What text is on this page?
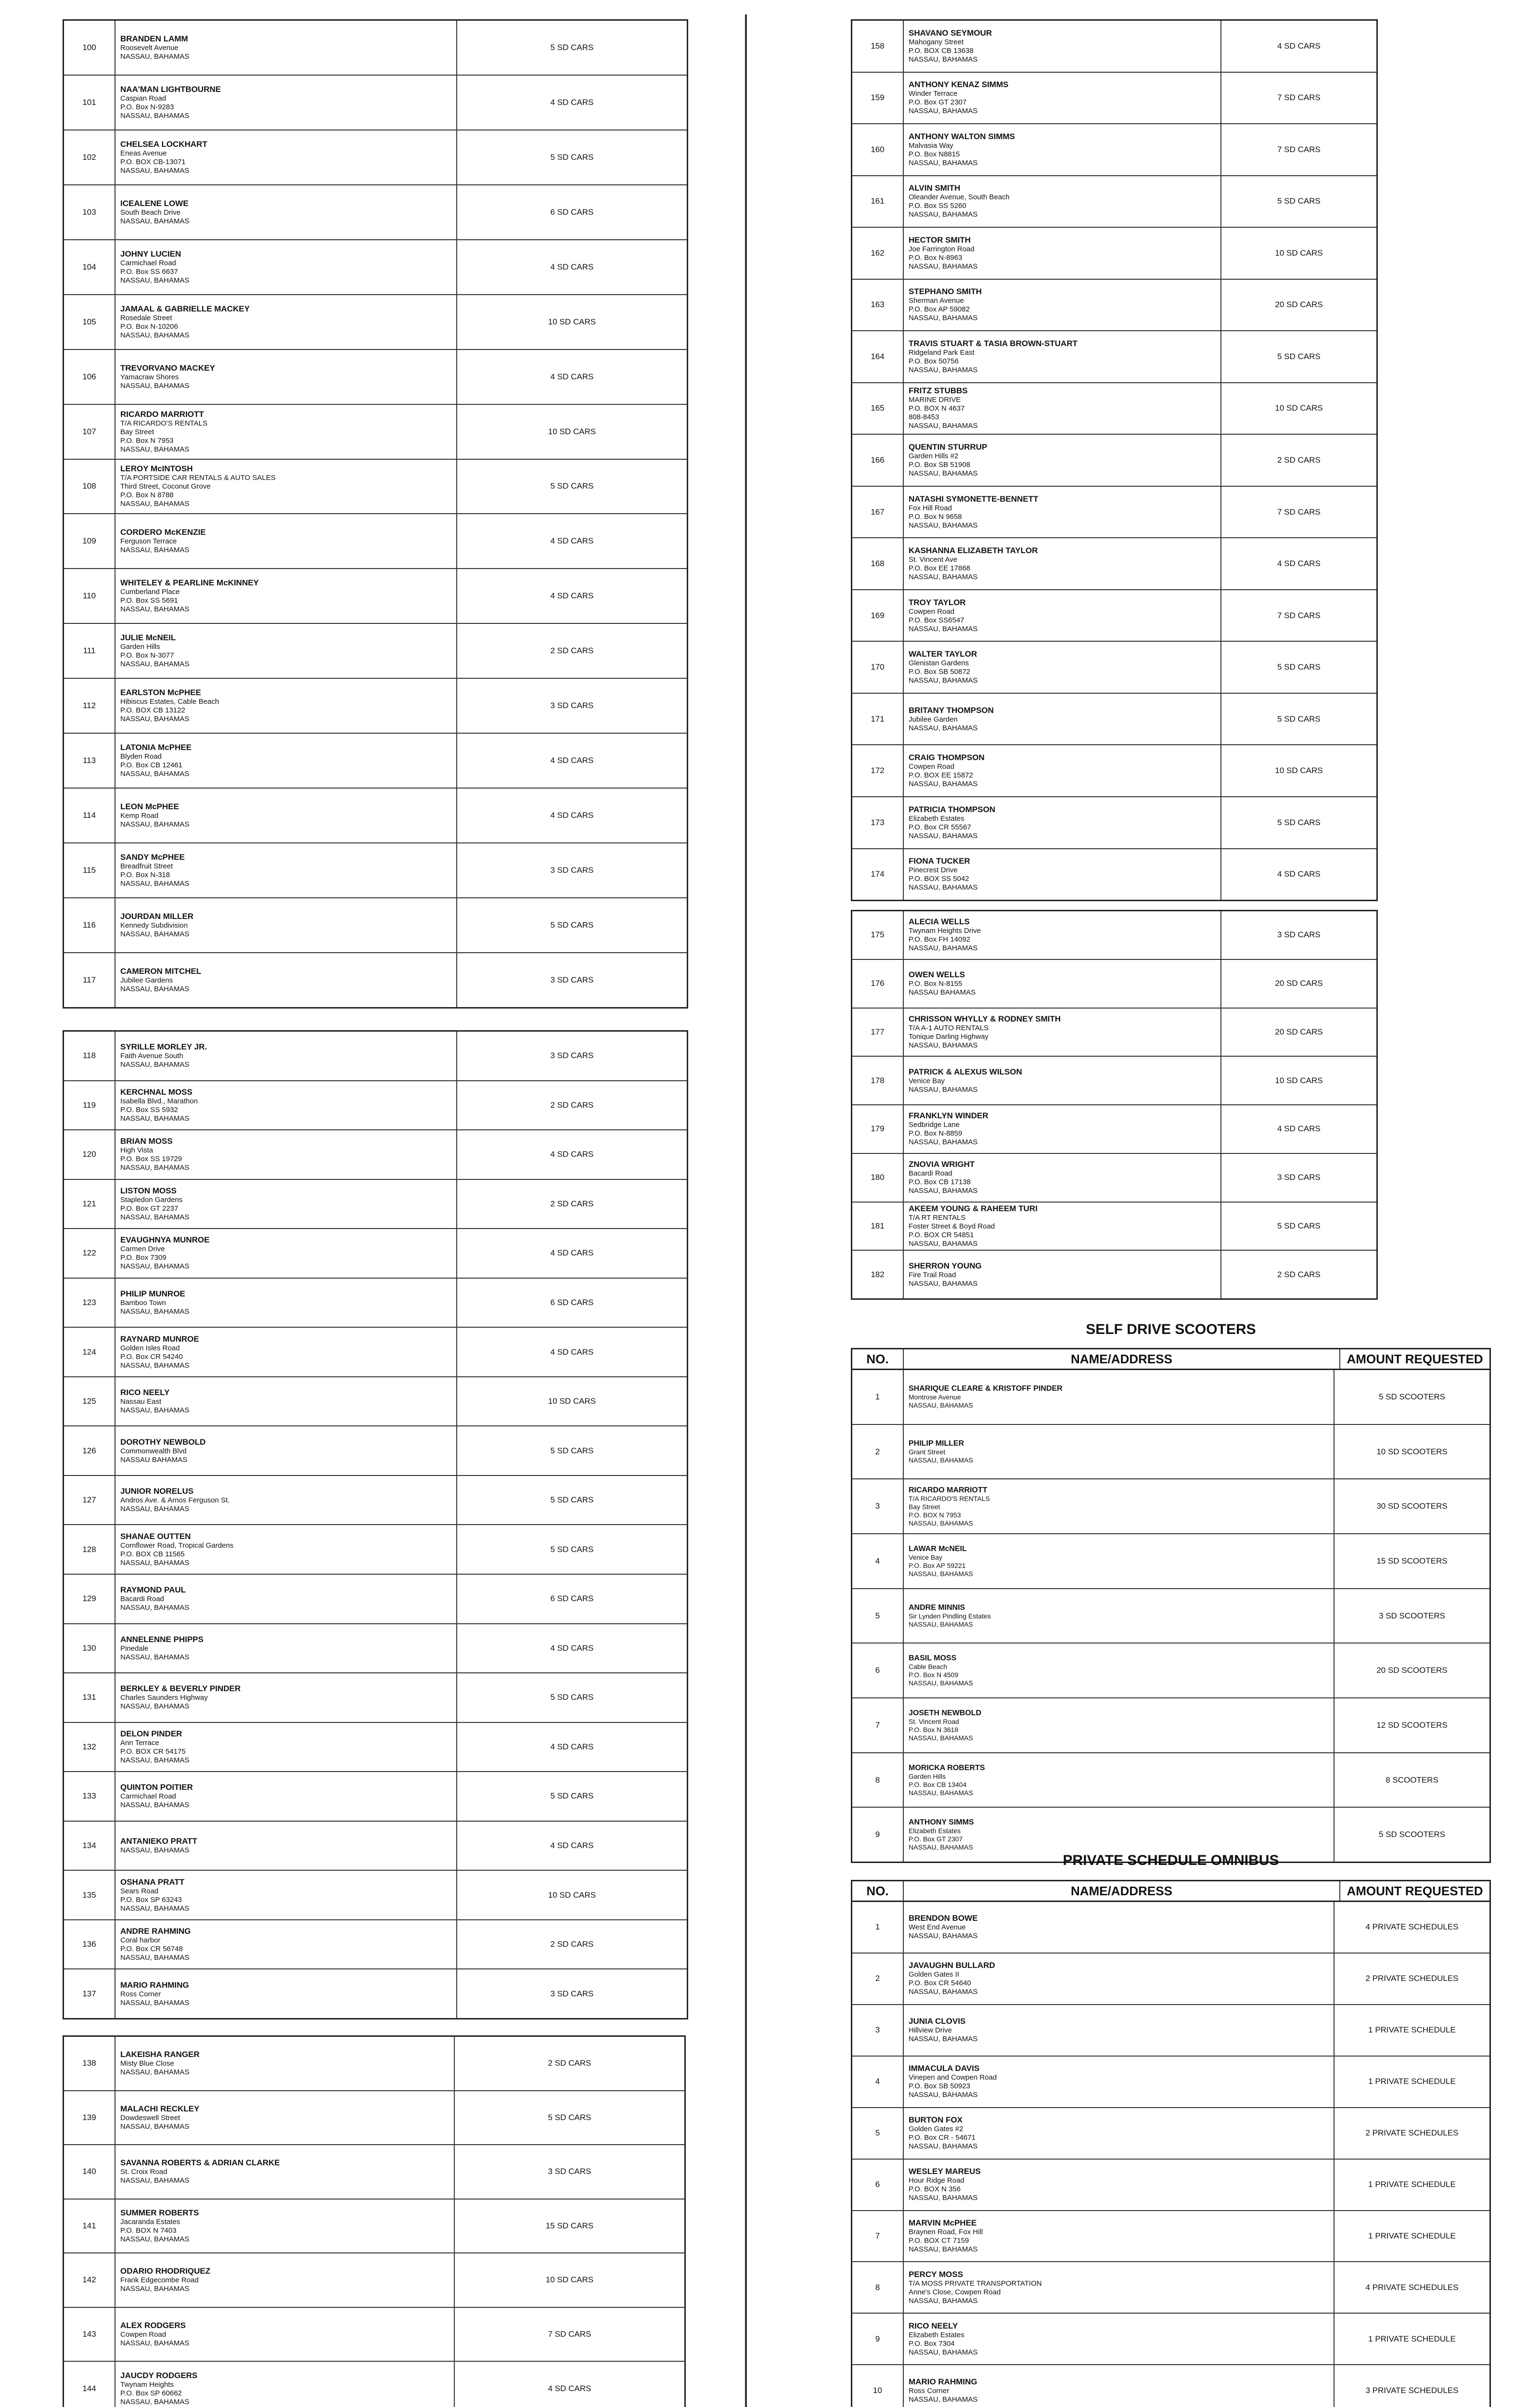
100
BRANDEN LAMM
Roosevelt Avenue
NASSAU, BAHAMAS
5 SD CARS
101
NAA'MAN LIGHTBOURNE
Caspian Road
P.O. Box N-9283
NASSAU, BAHAMAS
4 SD CARS
102
CHELSEA LOCKHART
Eneas Avenue
P.O. BOX CB-13071
NASSAU, BAHAMAS
5 SD CARS
103
ICEALENE LOWE
South Beach Drive
NASSAU, BAHAMAS
6 SD CARS
104
JOHNY LUCIEN
Carmichael Road
P.O. Box SS 6637
NASSAU, BAHAMAS
4 SD CARS
105
JAMAAL & GABRIELLE MACKEY
Rosedale Street
P.O. Box N-10206
NASSAU, BAHAMAS
10 SD CARS
106
TREVORVANO MACKEY
Yamacraw Shores
NASSAU, BAHAMAS
4 SD CARS
107
RICARDO MARRIOTT
T/A RICARDO'S RENTALS
Bay Street
P.O. Box N 7953
NASSAU, BAHAMAS
10 SD CARS
108
LEROY McINTOSH
T/A PORTSIDE CAR RENTALS & AUTO SALES
Third Street, Coconut Grove
P.O. Box N 8788
NASSAU, BAHAMAS
5 SD CARS
109
CORDERO McKENZIE
Ferguson Terrace
NASSAU, BAHAMAS
4 SD CARS
110
WHITELEY & PEARLINE McKINNEY
Cumberland Place
P.O. Box SS 5691
NASSAU, BAHAMAS
4 SD CARS
111
JULIE McNEIL
Garden Hills
P.O. Box N-3077
NASSAU, BAHAMAS
2 SD CARS
112
EARLSTON McPHEE
Hibiscus Estates, Cable Beach
P.O. BOX CB 13122
NASSAU, BAHAMAS
3 SD CARS
113
LATONIA McPHEE
Blyden Road
P.O. Box CB 12461
NASSAU, BAHAMAS
4 SD CARS
114
LEON McPHEE
Kemp Road
NASSAU, BAHAMAS
4 SD CARS
115
SANDY McPHEE
Breadfruit Street
P.O. Box N-318
NASSAU, BAHAMAS
3 SD CARS
116
JOURDAN MILLER
Kennedy Subdivision
NASSAU, BAHAMAS
5 SD CARS
117
CAMERON MITCHEL
Jubilee Gardens
NASSAU, BAHAMAS
3 SD CARS
118
SYRILLE MORLEY JR.
Faith Avenue South
NASSAU, BAHAMAS
3 SD CARS
119
KERCHNAL MOSS
Isabella Blvd., Marathon
P.O. Box SS 5932
NASSAU, BAHAMAS
2 SD CARS
120
BRIAN MOSS
High Vista
P.O. Box SS 19729
NASSAU, BAHAMAS
4 SD CARS
121
LISTON MOSS
Stapledon Gardens
P.O. Box GT 2237
NASSAU, BAHAMAS
2 SD CARS
122
EVAUGHNYA MUNROE
Carmen Drive
P.O. Box 7309
NASSAU, BAHAMAS
4 SD CARS
123
PHILIP MUNROE
Bamboo Town
NASSAU, BAHAMAS
6 SD CARS
124
RAYNARD MUNROE
Golden Isles Road
P.O. Box CR 54240
NASSAU, BAHAMAS
4 SD CARS
125
RICO NEELY
Nassau East
NASSAU, BAHAMAS
10 SD CARS
126
DOROTHY NEWBOLD
Commonwealth Blvd
NASSAU BAHAMAS
5 SD CARS
127
JUNIOR NORELUS
Andros Ave. & Arnos Ferguson St.
NASSAU, BAHAMAS
5 SD CARS
128
SHANAE OUTTEN
Cornflower Road, Tropical Gardens
P.O. BOX CB 11565
NASSAU, BAHAMAS
5 SD CARS
129
RAYMOND PAUL
Bacardi Road
NASSAU, BAHAMAS
6 SD CARS
130
ANNELENNE PHIPPS
Pinedale
NASSAU, BAHAMAS
4 SD CARS
131
BERKLEY & BEVERLY PINDER
Charles Saunders Highway
NASSAU, BAHAMAS
5 SD CARS
132
DELON PINDER
Ann Terrace
P.O. BOX CR 54175
NASSAU, BAHAMAS
4 SD CARS
133
QUINTON POITIER
Carmichael Road
NASSAU, BAHAMAS
5 SD CARS
134	ANTANIEKO PRATT
NASSAU, BAHAMAS
4 SD CARS
135
OSHANA PRATT
Sears Road
P.O. Box SP 63243
NASSAU, BAHAMAS
10 SD CARS
136
ANDRE RAHMING
Coral harbor
P.O. Box CR 56748
NASSAU, BAHAMAS
2 SD CARS
137
MARIO RAHMING
Ross Corner
NASSAU, BAHAMAS
3 SD CARS
138
LAKEISHA RANGER
Misty Blue Close
NASSAU, BAHAMAS
2 SD CARS
139
MALACHI RECKLEY
Dowdeswell Street
NASSAU, BAHAMAS
5 SD CARS
140
SAVANNA ROBERTS & ADRIAN CLARKE
St. Croix Road
NASSAU, BAHAMAS
3 SD CARS
141
SUMMER ROBERTS
Jacaranda Estates
P.O. BOX N 7403
NASSAU, BAHAMAS
15 SD CARS
142
ODARIO RHODRIQUEZ
Frank Edgecombe Road
NASSAU, BAHAMAS
10 SD CARS
143
ALEX RODGERS
Cowpen Road
NASSAU, BAHAMAS
7 SD CARS
144
JAUCDY RODGERS
Twynam Heights
P.O. Box SP 60662
NASSAU, BAHAMAS
4 SD CARS
158
SHAVANO SEYMOUR
Mahogany Street
P.O. BOX CB 13638
NASSAU, BAHAMAS
4 SD CARS
159
ANTHONY KENAZ SIMMS
Winder Terrace
P.O. Box GT 2307
NASSAU, BAHAMAS
7 SD CARS
160
ANTHONY WALTON SIMMS
Malvasia Way
P.O. Box N8815
NASSAU, BAHAMAS
7 SD CARS
161
ALVIN SMITH
Oleander Avenue, South Beach
P.O. Box SS 5260
NASSAU, BAHAMAS
5 SD CARS
162
HECTOR SMITH
Joe Farrington Road
P.O. Box N-8963
NASSAU, BAHAMAS
10 SD CARS
163
STEPHANO SMITH
Sherman Avenue
P.O. Box AP 59082
NASSAU, BAHAMAS
20 SD CARS
164
TRAVIS STUART & TASIA BROWN-STUART
Ridgeland Park East
P.O. Box 50756
NASSAU, BAHAMAS
5 SD CARS
165
FRITZ STUBBS
MARINE DRIVE
P.O. BOX N 4637
808-8453
NASSAU, BAHAMAS
10 SD CARS
166
QUENTIN STURRUP
Garden Hills #2
P.O. Box SB 51908
NASSAU, BAHAMAS
2 SD CARS
167
NATASHI SYMONETTE-BENNETT
Fox Hill Road
P.O. Box N 9658
NASSAU, BAHAMAS
7 SD CARS
168
KASHANNA ELIZABETH TAYLOR
St. Vincent Ave
P.O. Box EE 17868
NASSAU, BAHAMAS
4 SD CARS
169
TROY TAYLOR
Cowpen Road
P.O. Box SS6547
NASSAU, BAHAMAS
7 SD CARS
170
WALTER TAYLOR
Glenistan Gardens
P.O. Box SB 50872
NASSAU, BAHAMAS
5 SD CARS
171
BRITANY THOMPSON
Jubilee Garden
NASSAU, BAHAMAS
5 SD CARS
172
CRAIG THOMPSON
Cowpen Road
P.O. BOX EE 15872
NASSAU, BAHAMAS
10 SD CARS
173
PATRICIA THOMPSON
Elizabeth Estates
P.O. Box CR 55567
NASSAU, BAHAMAS
5 SD CARS
174
FIONA TUCKER
Pinecrest Drive
P.O. BOX SS 5042
NASSAU, BAHAMAS
4 SD CARS
175
ALECIA WELLS
Twynam Heights Drive
P.O. Box FH 14092
NASSAU, BAHAMAS
3 SD CARS
176
OWEN WELLS
P.O. Box N-8155
NASSAU BAHAMAS
20 SD CARS
177
CHRISSON WHYLLY & RODNEY SMITH
T/A A-1 AUTO RENTALS
Tonique Darling Highway
NASSAU, BAHAMAS
20 SD CARS
178
PATRICK & ALEXUS WILSON
Venice Bay
NASSAU, BAHAMAS
10 SD CARS
179
FRANKLYN WINDER
Sedbridge Lane
P.O. Box N-8859
NASSAU, BAHAMAS
4 SD CARS
180
ZNOVIA WRIGHT
Bacardi Road
P.O. Box CB 17138
NASSAU, BAHAMAS
3 SD CARS
181
AKEEM YOUNG & RAHEEM TURI
T/A RT RENTALS
Foster Street & Boyd Road
P.O. BOX CR 54851
NASSAU, BAHAMAS
5 SD CARS
182
SHERRON YOUNG
Fire Trail Road
NASSAU, BAHAMAS
2 SD CARS
SELF DRIVE SCOOTERS
NO.	NAME/ADDRESS	AMOUNT REQUESTED
1
SHARIQUE CLEARE & KRISTOFF PINDER
Montrose Avenue
NASSAU, BAHAMAS
5 SD SCOOTERS
2
PHILIP MILLER
Grant Street
NASSAU, BAHAMAS
10 SD SCOOTERS
3
RICARDO MARRIOTT
T/A RICARDO'S RENTALS
Bay Street
P.O. BOX N 7953
NASSAU, BAHAMAS
30 SD SCOOTERS
4
LAWAR McNEIL
Venice Bay
P.O. Box AP 59221
NASSAU, BAHAMAS
15 SD SCOOTERS
5
ANDRE MINNIS
Sir Lynden Pindling Estates
NASSAU, BAHAMAS
3 SD SCOOTERS
6
BASIL MOSS
Cable Beach
P.O. Box N 4509
NASSAU, BAHAMAS
20 SD SCOOTERS
7
JOSETH NEWBOLD
St. Vincent Road
P.O. Box N 3618
NASSAU, BAHAMAS
12 SD SCOOTERS
8
MORICKA ROBERTS
Garden Hills
P.O. Box CB 13404
NASSAU, BAHAMAS
8 SCOOTERS
9
ANTHONY SIMMS
Elizabeth Estates
P.O. Box GT 2307
NASSAU, BAHAMAS
5 SD SCOOTERS
PRIVATE SCHEDULE OMNIBUS
NO.	NAME/ADDRESS	AMOUNT REQUESTED
1
BRENDON BOWE
West End Avenue
NASSAU, BAHAMAS
4 PRIVATE SCHEDULES
2
JAVAUGHN BULLARD
Golden Gates II
P.O. Box CR 54640
NASSAU, BAHAMAS
2 PRIVATE SCHEDULES
3
JUNIA CLOVIS
Hillview Drive
NASSAU, BAHAMAS
1 PRIVATE SCHEDULE
4
IMMACULA DAVIS
Vinepen and Cowpen Road
P.O. Box SB 50923
NASSAU, BAHAMAS
1 PRIVATE SCHEDULE
5
BURTON FOX
Golden Gates #2
P.O. Box CR - 54671
NASSAU, BAHAMAS
2 PRIVATE SCHEDULES
6
WESLEY MAREUS
Hour Ridge Road
P.O. BOX N 356
NASSAU, BAHAMAS
1 PRIVATE SCHEDULE
7
MARVIN McPHEE
Braynen Road, Fox Hill
P.O. BOX CT 7159
NASSAU, BAHAMAS
1 PRIVATE SCHEDULE
8
PERCY MOSS
T/A MOSS PRIVATE TRANSPORTATION
Anne's Close, Cowpen Road
NASSAU, BAHAMAS
4 PRIVATE SCHEDULES
9
RICO NEELY
Elizabeth Estates
P.O. Box 7304
NASSAU, BAHAMAS
1 PRIVATE SCHEDULE
10
MARIO RAHMING
Ross Corner
NASSAU, BAHAMAS
3 PRIVATE SCHEDULES
